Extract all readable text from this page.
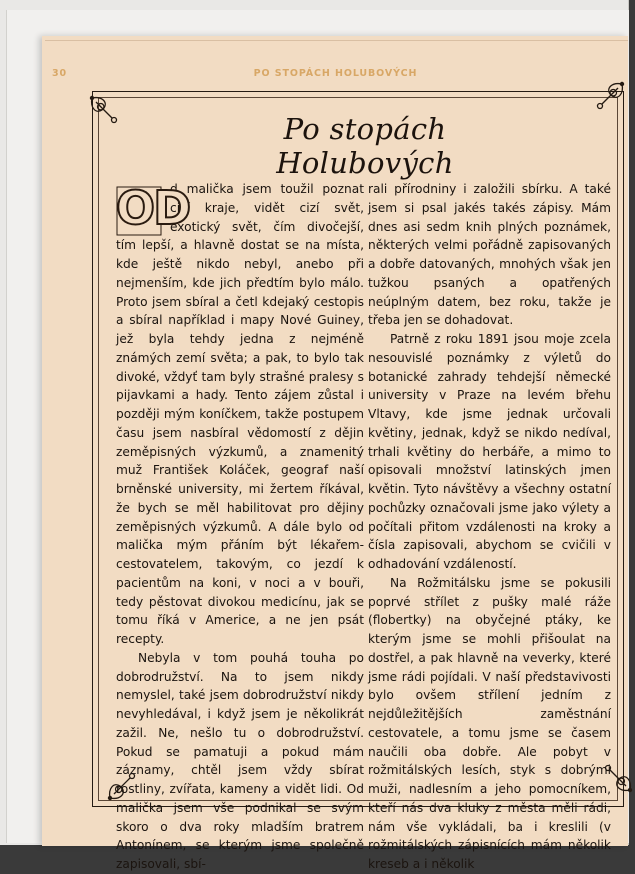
30	PO STOPÁCH HOLUBOVÝCH
Po stopách Holubových
OD

d malička jsem toužil poznat cizí kraje, vidět cizí svět, exotický svět, čím divočejší, tím lepší, a hlavně dostat se na místa, kde ještě nikdo nebyl, anebo při nejmenším, kde jich předtím bylo málo. Proto jsem sbíral a četl kdejaký cestopis a sbíral například i mapy Nové Guiney, jež byla tehdy jedna z nejméně známých zemí světa; a pak, to bylo tak divoké, vždyť tam byly strašné pralesy s pijavkami a hady. Tento zájem zůstal i později mým koníčkem, takže postupem času jsem nasbíral vědomostí z dějin zeměpisných výzkumů, a znamenitý muž František Koláček, geograf naší brněnské university, mi žertem říkával, že bych se měl habilitovat pro dějiny zeměpisných výzkumů. A dále bylo od malička mým přáním být lékařem-cestovatelem, takovým, co jezdí k pacientům na koni, v noci a v bouři, tedy pěstovat divokou medicínu, jak se tomu říká v Americe, a ne jen psát recepty.

Nebyla v tom pouhá touha po dobrodružství. Na to jsem nikdy nemyslel, také jsem dobrodružství nikdy nevyhledával, i když jsem je několikrát zažil. Ne, nešlo tu o dobrodružství. Pokud se pamatuji a pokud mám záznamy, chtěl jsem vždy sbírat rostliny, zvířata, kameny a vidět lidi. Od malička jsem vše podnikal se svým skoro o dva roky mladším bratrem Antonínem, se kterým jsme společně zapisovali, sbí-

rali přírodniny i založili sbírku. A také jsem si psal jakés takés zápisy. Mám dnes asi sedm knih plných poznámek, některých velmi pořádně zapisovaných a dobře datovaných, mnohých však jen tužkou psaných a opatřených neúplným datem, bez roku, takže je třeba jen se dohadovat.

Patrně z roku 1891 jsou moje zcela nesouvislé poznámky z výletů do botanické zahrady tehdejší německé university v Praze na levém břehu Vltavy, kde jsme jednak určovali květiny, jednak, když se nikdo nedíval, trhali květiny do herbáře, a mimo to opisovali množství latinských jmen květin. Tyto návštěvy a všechny ostatní pochůzky označovali jsme jako výlety a počítali přitom vzdálenosti na kroky a čísla zapisovali, abychom se cvičili v odhadování vzdáleností.

Na Rožmitálsku jsme se pokusili poprvé střílet z pušky malé ráže (flobertky) na obyčejné ptáky, ke kterým jsme se mohli přišoulat na dostřel, a pak hlavně na veverky, které jsme rádi pojídali. V naší představivosti bylo ovšem střílení jedním z nejdůležitějších zaměstnání cestovatele, a tomu jsme se časem naučili oba dobře. Ale pobyt v rožmitálských lesích, styk s dobrými muži, nadlesním a jeho pomocníkem, kteří nás dva kluky z města měli rádi, nám vše vykládali, ba i kreslili (v rožmitálských zápisnících mám několik kreseb a i několik
